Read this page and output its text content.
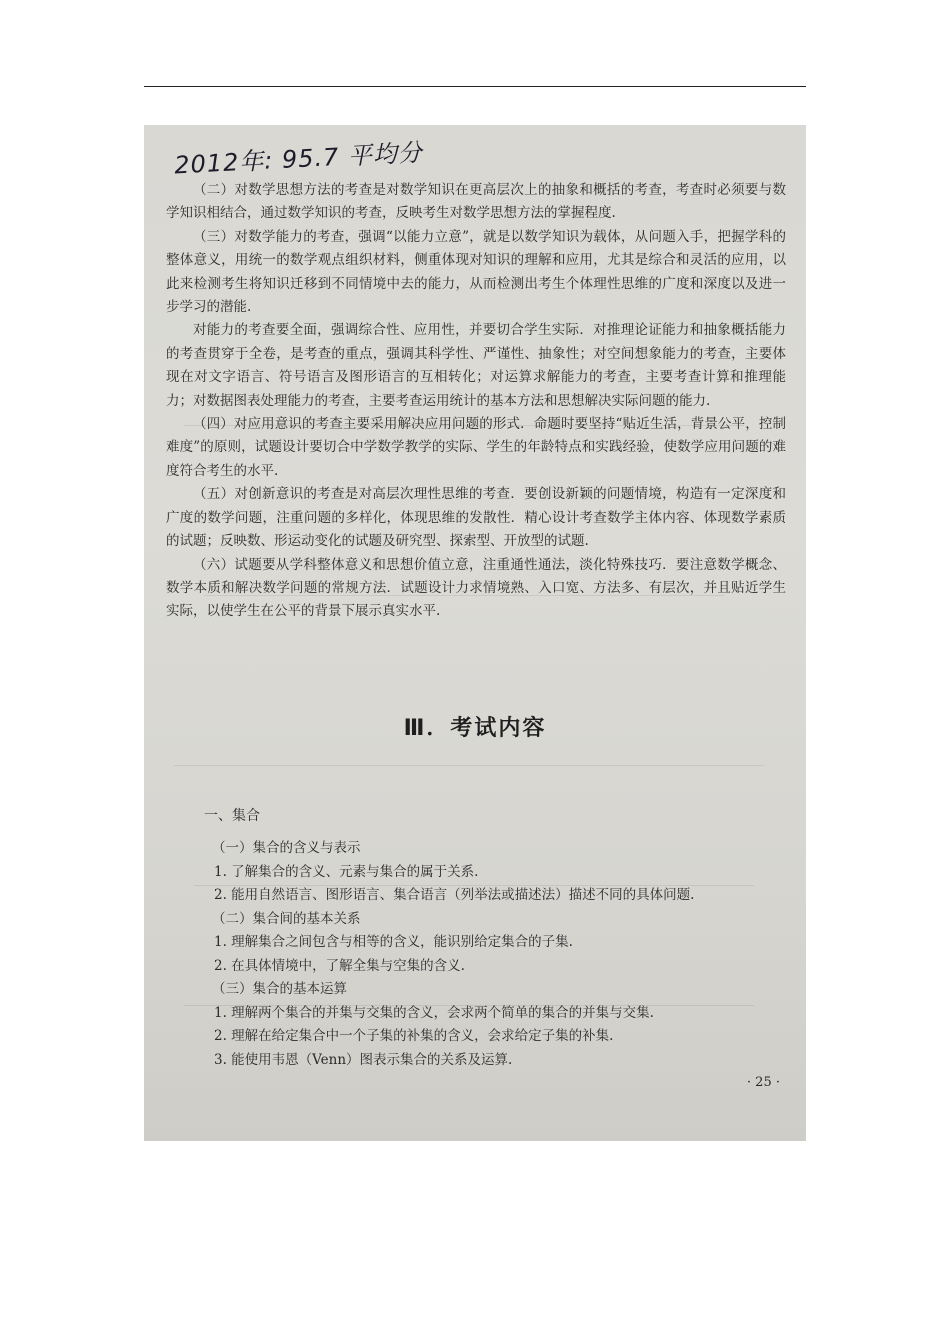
2012年: 95.7 平均分

（二）对数学思想方法的考查是对数学知识在更高层次上的抽象和概括的考查，考查时必须要与数学知识相结合，通过数学知识的考查，反映考生对数学思想方法的掌握程度.

（三）对数学能力的考查，强调“以能力立意”，就是以数学知识为载体，从问题入手，把握学科的整体意义，用统一的数学观点组织材料，侧重体现对知识的理解和应用，尤其是综合和灵活的应用，以此来检测考生将知识迁移到不同情境中去的能力，从而检测出考生个体理性思维的广度和深度以及进一步学习的潜能.

对能力的考查要全面，强调综合性、应用性，并要切合学生实际．对推理论证能力和抽象概括能力的考查贯穿于全卷，是考查的重点，强调其科学性、严谨性、抽象性；对空间想象能力的考查，主要体现在对文字语言、符号语言及图形语言的互相转化；对运算求解能力的考查，主要考查计算和推理能力；对数据图表处理能力的考查，主要考查运用统计的基本方法和思想解决实际问题的能力.

（四）对应用意识的考查主要采用解决应用问题的形式．命题时要坚持“贴近生活，背景公平，控制难度”的原则，试题设计要切合中学数学教学的实际、学生的年龄特点和实践经验，使数学应用问题的难度符合考生的水平.

（五）对创新意识的考查是对高层次理性思维的考查．要创设新颖的问题情境，构造有一定深度和广度的数学问题，注重问题的多样化，体现思维的发散性．精心设计考查数学主体内容、体现数学素质的试题；反映数、形运动变化的试题及研究型、探索型、开放型的试题.

（六）试题要从学科整体意义和思想价值立意，注重通性通法，淡化特殊技巧．要注意数学概念、数学本质和解决数学问题的常规方法．试题设计力求情境熟、入口宽、方法多、有层次，并且贴近学生实际，以使学生在公平的背景下展示真实水平.

Ⅲ．考试内容

一、集合

（一）集合的含义与表示

1. 了解集合的含义、元素与集合的属于关系.

2. 能用自然语言、图形语言、集合语言（列举法或描述法）描述不同的具体问题.

（二）集合间的基本关系

1. 理解集合之间包含与相等的含义，能识别给定集合的子集.

2. 在具体情境中，了解全集与空集的含义.

（三）集合的基本运算

1. 理解两个集合的并集与交集的含义，会求两个简单的集合的并集与交集.

2. 理解在给定集合中一个子集的补集的含义，会求给定子集的补集.

3. 能使用韦恩（Venn）图表示集合的关系及运算.

· 25 ·
